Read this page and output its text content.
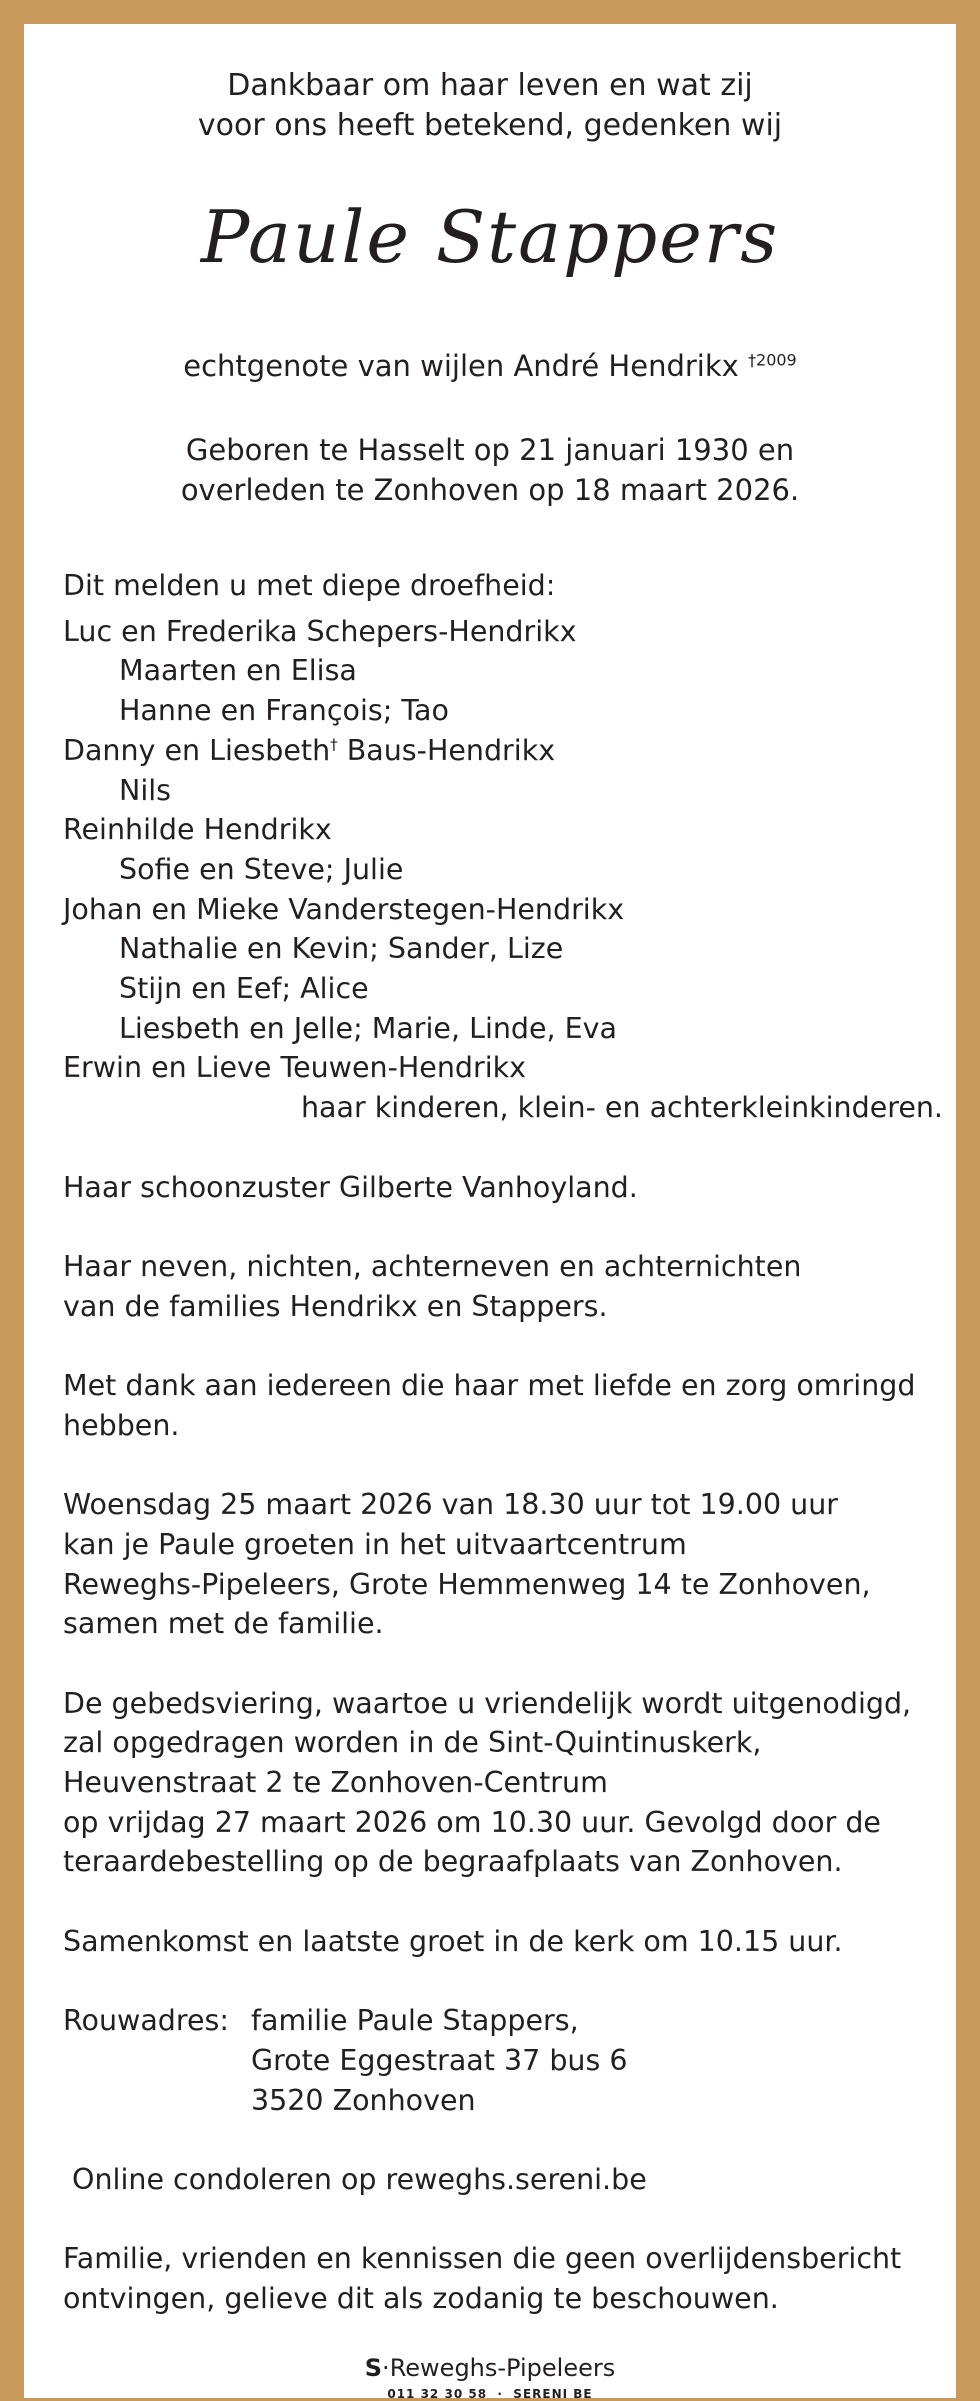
Dankbaar om haar leven en wat zij
voor ons heeft betekend, gedenken wij
Paule Stappers
echtgenote van wijlen André Hendrikx $^{\dagger 2009}$
Geboren te Hasselt op 21 januari 1930 en
overleden te Zonhoven op 18 maart 2026.
Dit melden u met diepe droefheid:
Luc en Frederika Schepers-Hendrikx
Maarten en Elisa
Hanne en François; Tao
Danny en Liesbeth† Baus-Hendrikx
Nils
Reinhilde Hendrikx
Sofie en Steve; Julie
Johan en Mieke Vanderstegen-Hendrikx
Nathalie en Kevin; Sander, Lize
Stijn en Eef; Alice
Liesbeth en Jelle; Marie, Linde, Eva
Erwin en Lieve Teuwen-Hendrikx
haar kinderen, klein- en achterkleinkinderen.
Haar schoonzuster Gilberte Vanhoyland.
Haar neven, nichten, achterneven en achternichten
van de families Hendrikx en Stappers.
Met dank aan iedereen die haar met liefde en zorg omringd
hebben.
Woensdag 25 maart 2026 van 18.30 uur tot 19.00 uur
kan je Paule groeten in het uitvaartcentrum
Reweghs-Pipeleers, Grote Hemmenweg 14 te Zonhoven,
samen met de familie.
De gebedsviering, waartoe u vriendelijk wordt uitgenodigd,
zal opgedragen worden in de Sint-Quintinuskerk,
Heuvenstraat 2 te Zonhoven-Centrum
op vrijdag 27 maart 2026 om 10.30 uur. Gevolgd door de
teraardebestelling op de begraafplaats van Zonhoven.
Samenkomst en laatste groet in de kerk om 10.15 uur.
Rouwadres: familie Paule Stappers,
Grote Eggestraat 37 bus 6
3520 Zonhoven
Online condoleren op reweghs.sereni.be
Familie, vrienden en kennissen die geen overlijdensbericht
ontvingen, gelieve dit als zodanig te beschouwen.
S·Reweghs-Pipeleers
011 32 30 58  ·  SERENI BE
